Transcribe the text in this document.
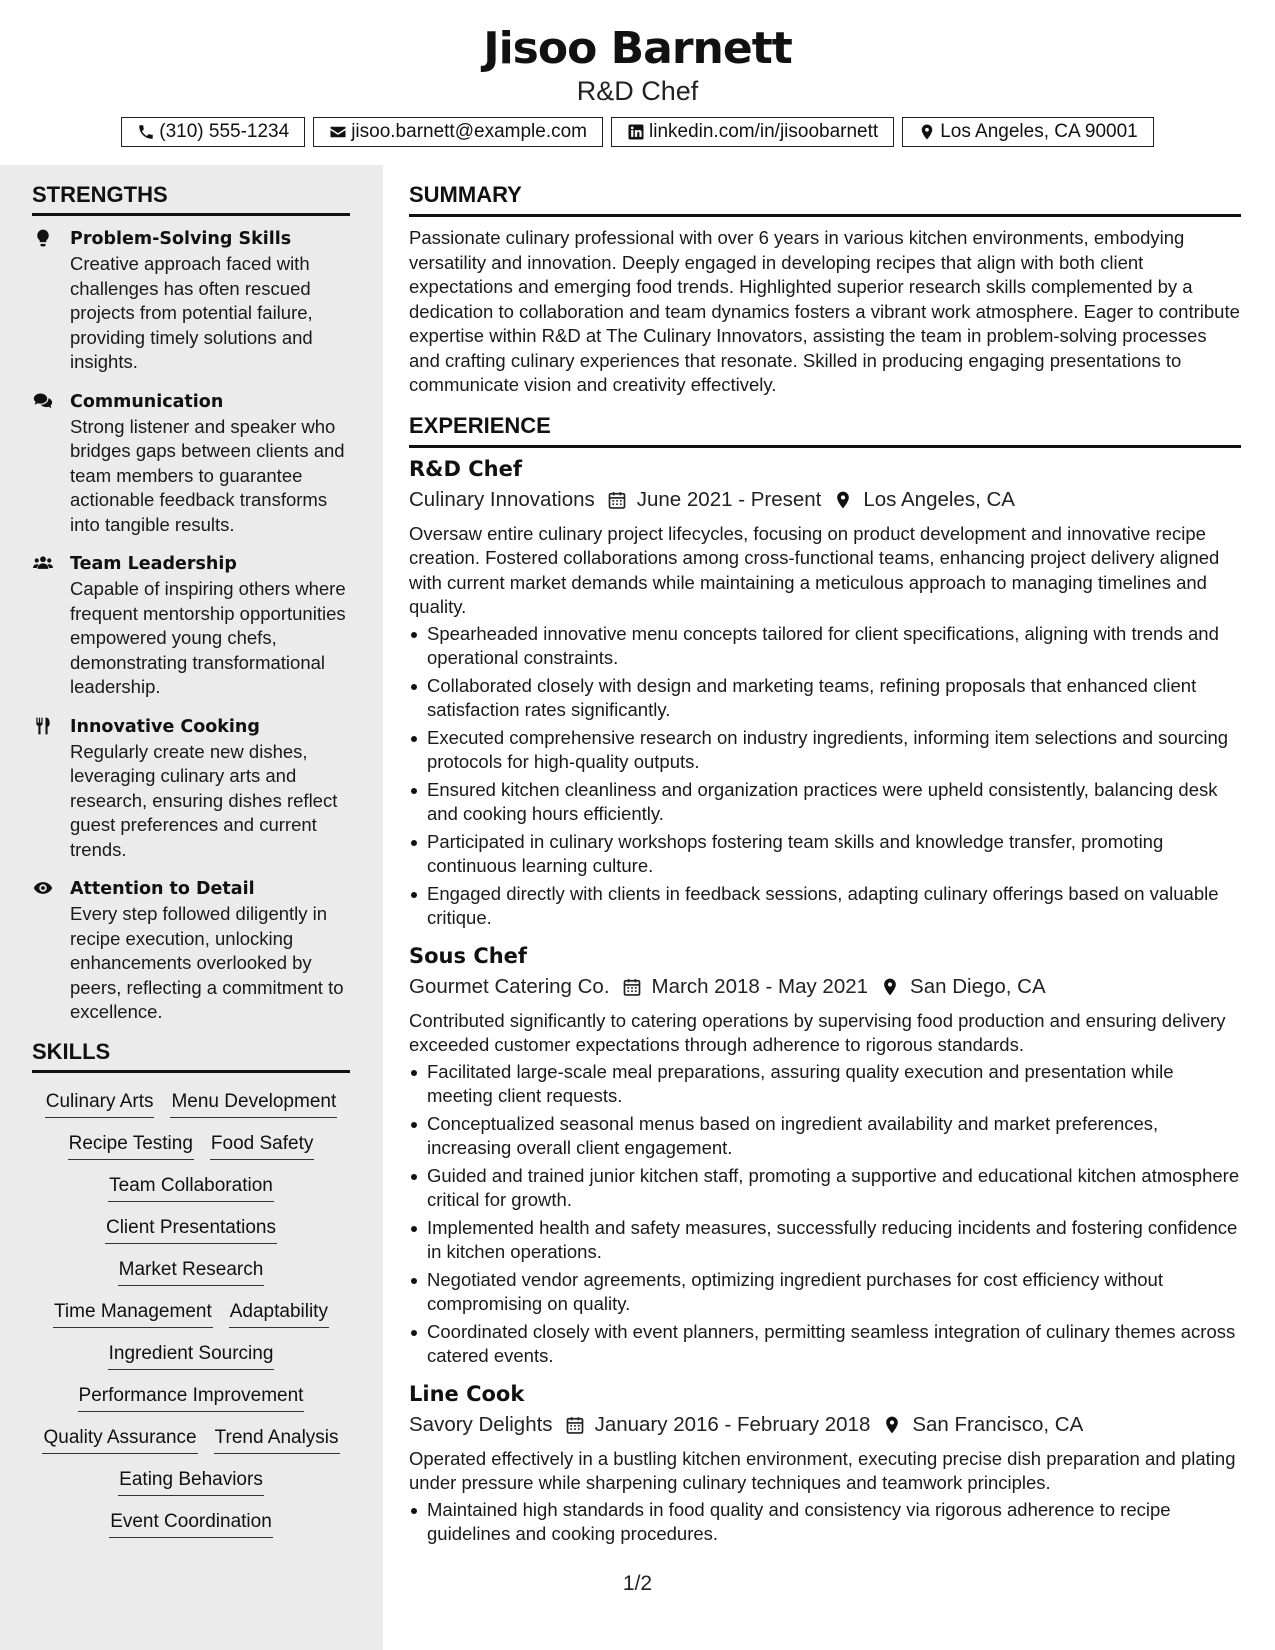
Jisoo Barnett
R&D Chef
(310) 555-1234	jisoo.barnett@example.com	linkedin.com/in/jisoobarnett	Los Angeles, CA 90001
STRENGTHS
Problem-Solving Skills
Creative approach faced with challenges has often rescued projects from potential failure, providing timely solutions and insights.
Communication
Strong listener and speaker who bridges gaps between clients and team members to guarantee actionable feedback transforms into tangible results.
Team Leadership
Capable of inspiring others where frequent mentorship opportunities empowered young chefs, demonstrating transformational leadership.
Innovative Cooking
Regularly create new dishes, leveraging culinary arts and research, ensuring dishes reflect guest preferences and current trends.
Attention to Detail
Every step followed diligently in recipe execution, unlocking enhancements overlooked by peers, reflecting a commitment to excellence.
SKILLS
Culinary Arts Menu Development
Recipe Testing Food Safety
Team Collaboration
Client Presentations
Market Research
Time Management Adaptability
Ingredient Sourcing
Performance Improvement
Quality Assurance Trend Analysis
Eating Behaviors
Event Coordination
SUMMARY
Passionate culinary professional with over 6 years in various kitchen environments, embodying versatility and innovation. Deeply engaged in developing recipes that align with both client expectations and emerging food trends. Highlighted superior research skills complemented by a dedication to collaboration and team dynamics fosters a vibrant work atmosphere. Eager to contribute expertise within R&D at The Culinary Innovators, assisting the team in problem-solving processes and crafting culinary experiences that resonate. Skilled in producing engaging presentations to communicate vision and creativity effectively.
EXPERIENCE
R&D Chef
Culinary Innovations June 2021 - Present Los Angeles, CA
Oversaw entire culinary project lifecycles, focusing on product development and innovative recipe creation. Fostered collaborations among cross-functional teams, enhancing project delivery aligned with current market demands while maintaining a meticulous approach to managing timelines and quality.
Spearheaded innovative menu concepts tailored for client specifications, aligning with trends and operational constraints.
Collaborated closely with design and marketing teams, refining proposals that enhanced client satisfaction rates significantly.
Executed comprehensive research on industry ingredients, informing item selections and sourcing protocols for high-quality outputs.
Ensured kitchen cleanliness and organization practices were upheld consistently, balancing desk and cooking hours efficiently.
Participated in culinary workshops fostering team skills and knowledge transfer, promoting continuous learning culture.
Engaged directly with clients in feedback sessions, adapting culinary offerings based on valuable critique.
Sous Chef
Gourmet Catering Co. March 2018 - May 2021 San Diego, CA
Contributed significantly to catering operations by supervising food production and ensuring delivery exceeded customer expectations through adherence to rigorous standards.
Facilitated large-scale meal preparations, assuring quality execution and presentation while meeting client requests.
Conceptualized seasonal menus based on ingredient availability and market preferences, increasing overall client engagement.
Guided and trained junior kitchen staff, promoting a supportive and educational kitchen atmosphere critical for growth.
Implemented health and safety measures, successfully reducing incidents and fostering confidence in kitchen operations.
Negotiated vendor agreements, optimizing ingredient purchases for cost efficiency without compromising on quality.
Coordinated closely with event planners, permitting seamless integration of culinary themes across catered events.
Line Cook
Savory Delights January 2016 - February 2018 San Francisco, CA
Operated effectively in a bustling kitchen environment, executing precise dish preparation and plating under pressure while sharpening culinary techniques and teamwork principles.
Maintained high standards in food quality and consistency via rigorous adherence to recipe guidelines and cooking procedures.
1/2
